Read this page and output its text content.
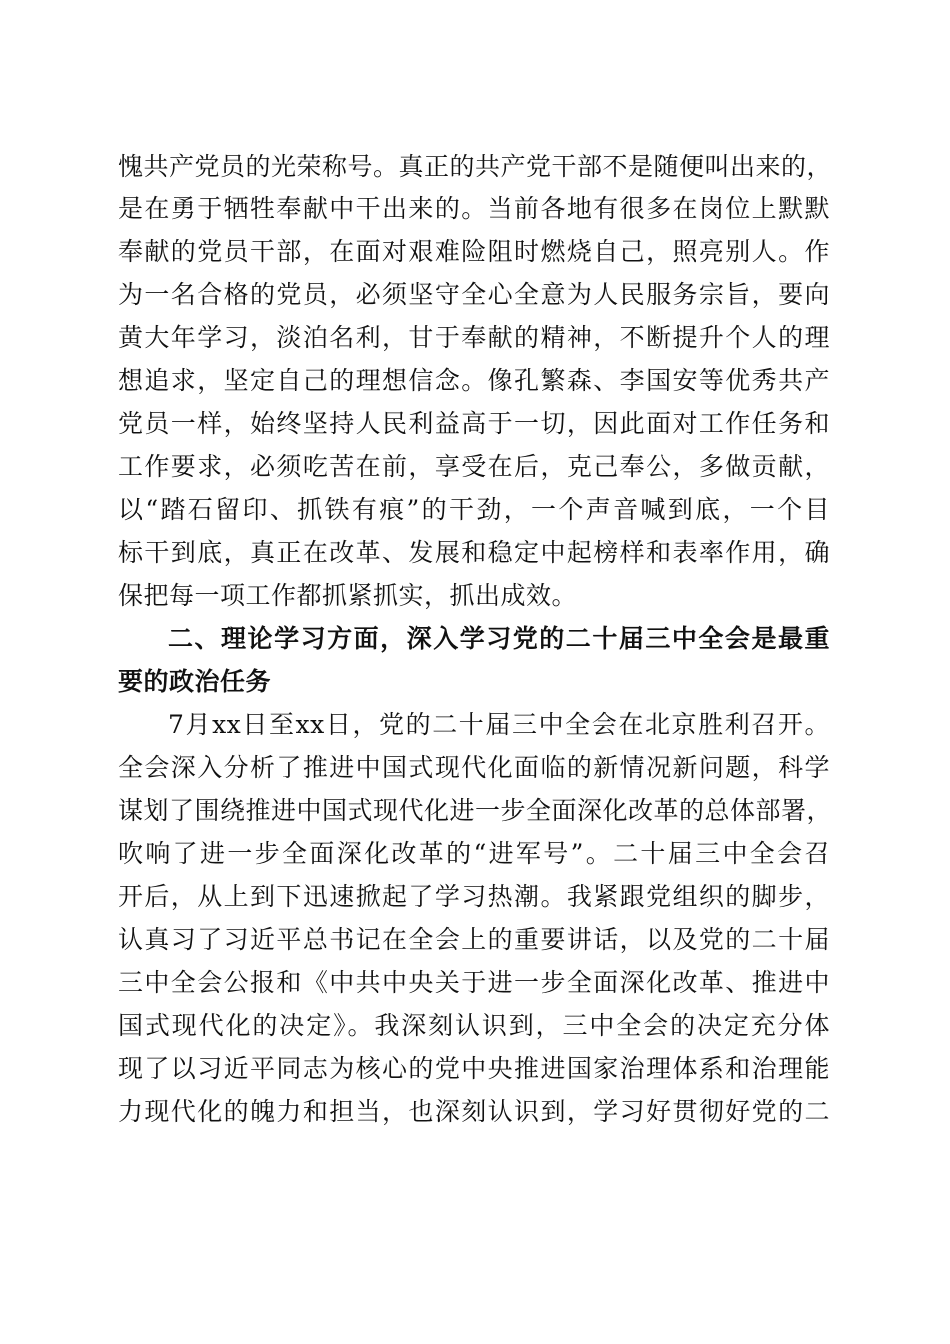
愧共产党员的光荣称号。真正的共产党干部不是随便叫出来的，
是在勇于牺牲奉献中干出来的。当前各地有很多在岗位上默默
奉献的党员干部，在面对艰难险阻时燃烧自己，照亮别人。作
为一名合格的党员，必须坚守全心全意为人民服务宗旨，要向
黄大年学习，淡泊名利，甘于奉献的精神，不断提升个人的理
想追求，坚定自己的理想信念。像孔繁森、李国安等优秀共产
党员一样，始终坚持人民利益高于一切，因此面对工作任务和
工作要求，必须吃苦在前，享受在后，克己奉公，多做贡献，
以“踏石留印、抓铁有痕”的干劲，一个声音喊到底，一个目
标干到底，真正在改革、发展和稳定中起榜样和表率作用，确
保把每一项工作都抓紧抓实，抓出成效。
二、理论学习方面，深入学习党的二十届三中全会是最重
要的政治任务
7月xx日至xx日，党的二十届三中全会在北京胜利召开。
全会深入分析了推进中国式现代化面临的新情况新问题，科学
谋划了围绕推进中国式现代化进一步全面深化改革的总体部署，
吹响了进一步全面深化改革的“进军号”。二十届三中全会召
开后，从上到下迅速掀起了学习热潮。我紧跟党组织的脚步，
认真习了习近平总书记在全会上的重要讲话，以及党的二十届
三中全会公报和《中共中央关于进一步全面深化改革、推进中
国式现代化的决定》。我深刻认识到，三中全会的决定充分体
现了以习近平同志为核心的党中央推进国家治理体系和治理能
力现代化的魄力和担当，也深刻认识到，学习好贯彻好党的二
